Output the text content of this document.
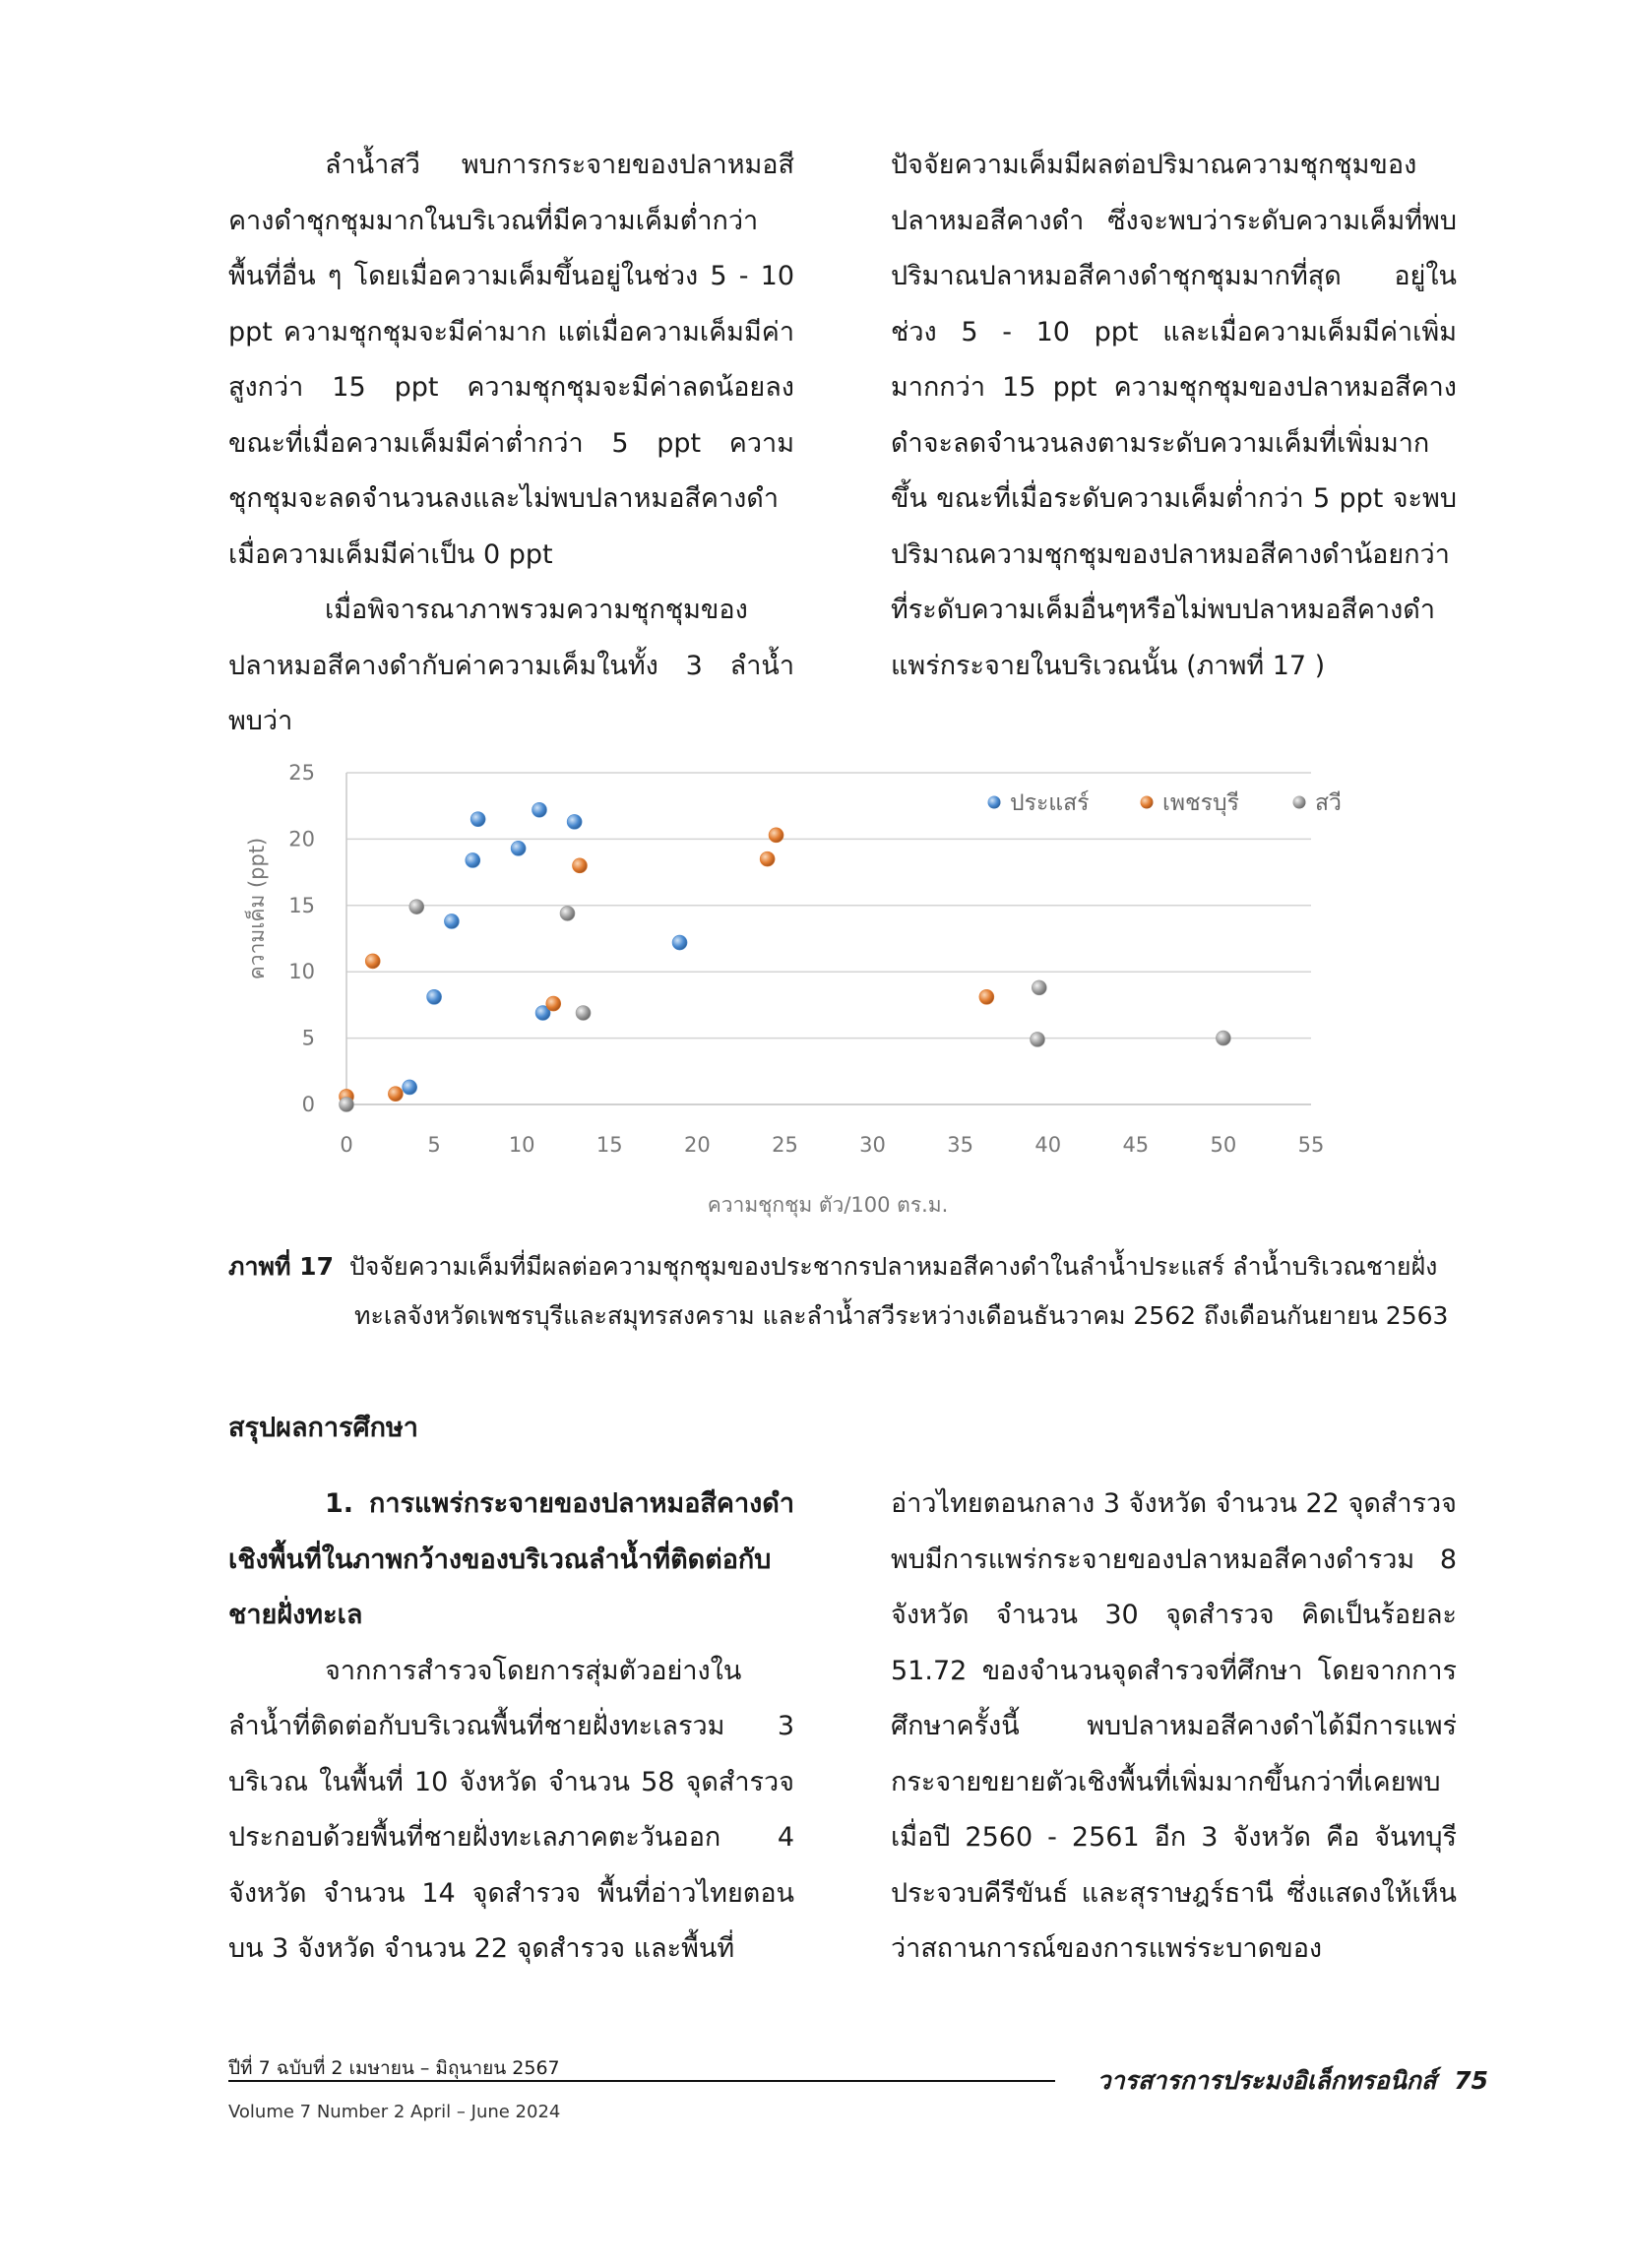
ลำน้ำสวี พบการกระจายของปลาหมอสีคางดำชุกชุมมากในบริเวณที่มีความเค็มต่ำกว่าพื้นที่อื่น ๆ โดยเมื่อความเค็มขึ้นอยู่ในช่วง 5 - 10 ppt ความชุกชุมจะมีค่ามาก แต่เมื่อความเค็มมีค่าสูงกว่า 15 ppt ความชุกชุมจะมีค่าลดน้อยลง ขณะที่เมื่อความเค็มมีค่าต่ำกว่า 5 ppt ความชุกชุมจะลดจำนวนลงและไม่พบปลาหมอสีคางดำ เมื่อความเค็มมีค่าเป็น 0 ppt

เมื่อพิจารณาภาพรวมความชุกชุมของปลาหมอสีคางดำกับค่าความเค็มในทั้ง 3 ลำน้ำ พบว่า

ปัจจัยความเค็มมีผลต่อปริมาณความชุกชุมของปลาหมอสีคางดำ ซึ่งจะพบว่าระดับความเค็มที่พบปริมาณปลาหมอสีคางดำชุกชุมมากที่สุด อยู่ในช่วง 5 - 10 ppt และเมื่อความเค็มมีค่าเพิ่มมากกว่า 15 ppt ความชุกชุมของปลาหมอสีคางดำจะลดจำนวนลงตามระดับความเค็มที่เพิ่มมากขึ้น ขณะที่เมื่อระดับความเค็มต่ำกว่า 5 ppt จะพบปริมาณความชุกชุมของปลาหมอสีคางดำน้อยกว่าที่ระดับความเค็มอื่นๆหรือไม่พบปลาหมอสีคางดำแพร่กระจายในบริเวณนั้น (ภาพที่ 17 )

0
5
10
15
20
25
0	5	10	15	20	25	30	35	40	45	50	55
ประแสร์	เพชรบุรี	สวี
ความชุกชุม ตัว/100 ตร.ม.
ความเค็ม (ppt)
ภาพที่ 17 ปัจจัยความเค็มที่มีผลต่อความชุกชุมของประชากรปลาหมอสีคางดำในลำน้ำประแสร์ ลำน้ำบริเวณชายฝั่ง
ทะเลจังหวัดเพชรบุรีและสมุทรสงคราม และลำน้ำสวีระหว่างเดือนธันวาคม 2562 ถึงเดือนกันยายน 2563
สรุปผลการศึกษา

1. การแพร่กระจายของปลาหมอสีคางดำเชิงพื้นที่ในภาพกว้างของบริเวณลำน้ำที่ติดต่อกับชายฝั่งทะเล

จากการสำรวจโดยการสุ่มตัวอย่างในลำน้ำที่ติดต่อกับบริเวณพื้นที่ชายฝั่งทะเลรวม 3 บริเวณ ในพื้นที่ 10 จังหวัด จำนวน 58 จุดสำรวจ ประกอบด้วยพื้นที่ชายฝั่งทะเลภาคตะวันออก 4 จังหวัด จำนวน 14 จุดสำรวจ พื้นที่อ่าวไทยตอนบน 3 จังหวัด จำนวน 22 จุดสำรวจ และพื้นที่

อ่าวไทยตอนกลาง 3 จังหวัด จำนวน 22 จุดสำรวจ พบมีการแพร่กระจายของปลาหมอสีคางดำรวม 8 จังหวัด จำนวน 30 จุดสำรวจ คิดเป็นร้อยละ 51.72 ของจำนวนจุดสำรวจที่ศึกษา โดยจากการศึกษาครั้งนี้ พบปลาหมอสีคางดำได้มีการแพร่กระจายขยายตัวเชิงพื้นที่เพิ่มมากขึ้นกว่าที่เคยพบเมื่อปี 2560 - 2561 อีก 3 จังหวัด คือ จันทบุรี ประจวบคีรีขันธ์ และสุราษฎร์ธานี ซึ่งแสดงให้เห็นว่าสถานการณ์ของการแพร่ระบาดของ

ปีที่ 7 ฉบับที่ 2 เมษายน – มิถุนายน 2567
Volume 7 Number 2 April – June 2024
วารสารการประมงอิเล็กทรอนิกส์ 75
